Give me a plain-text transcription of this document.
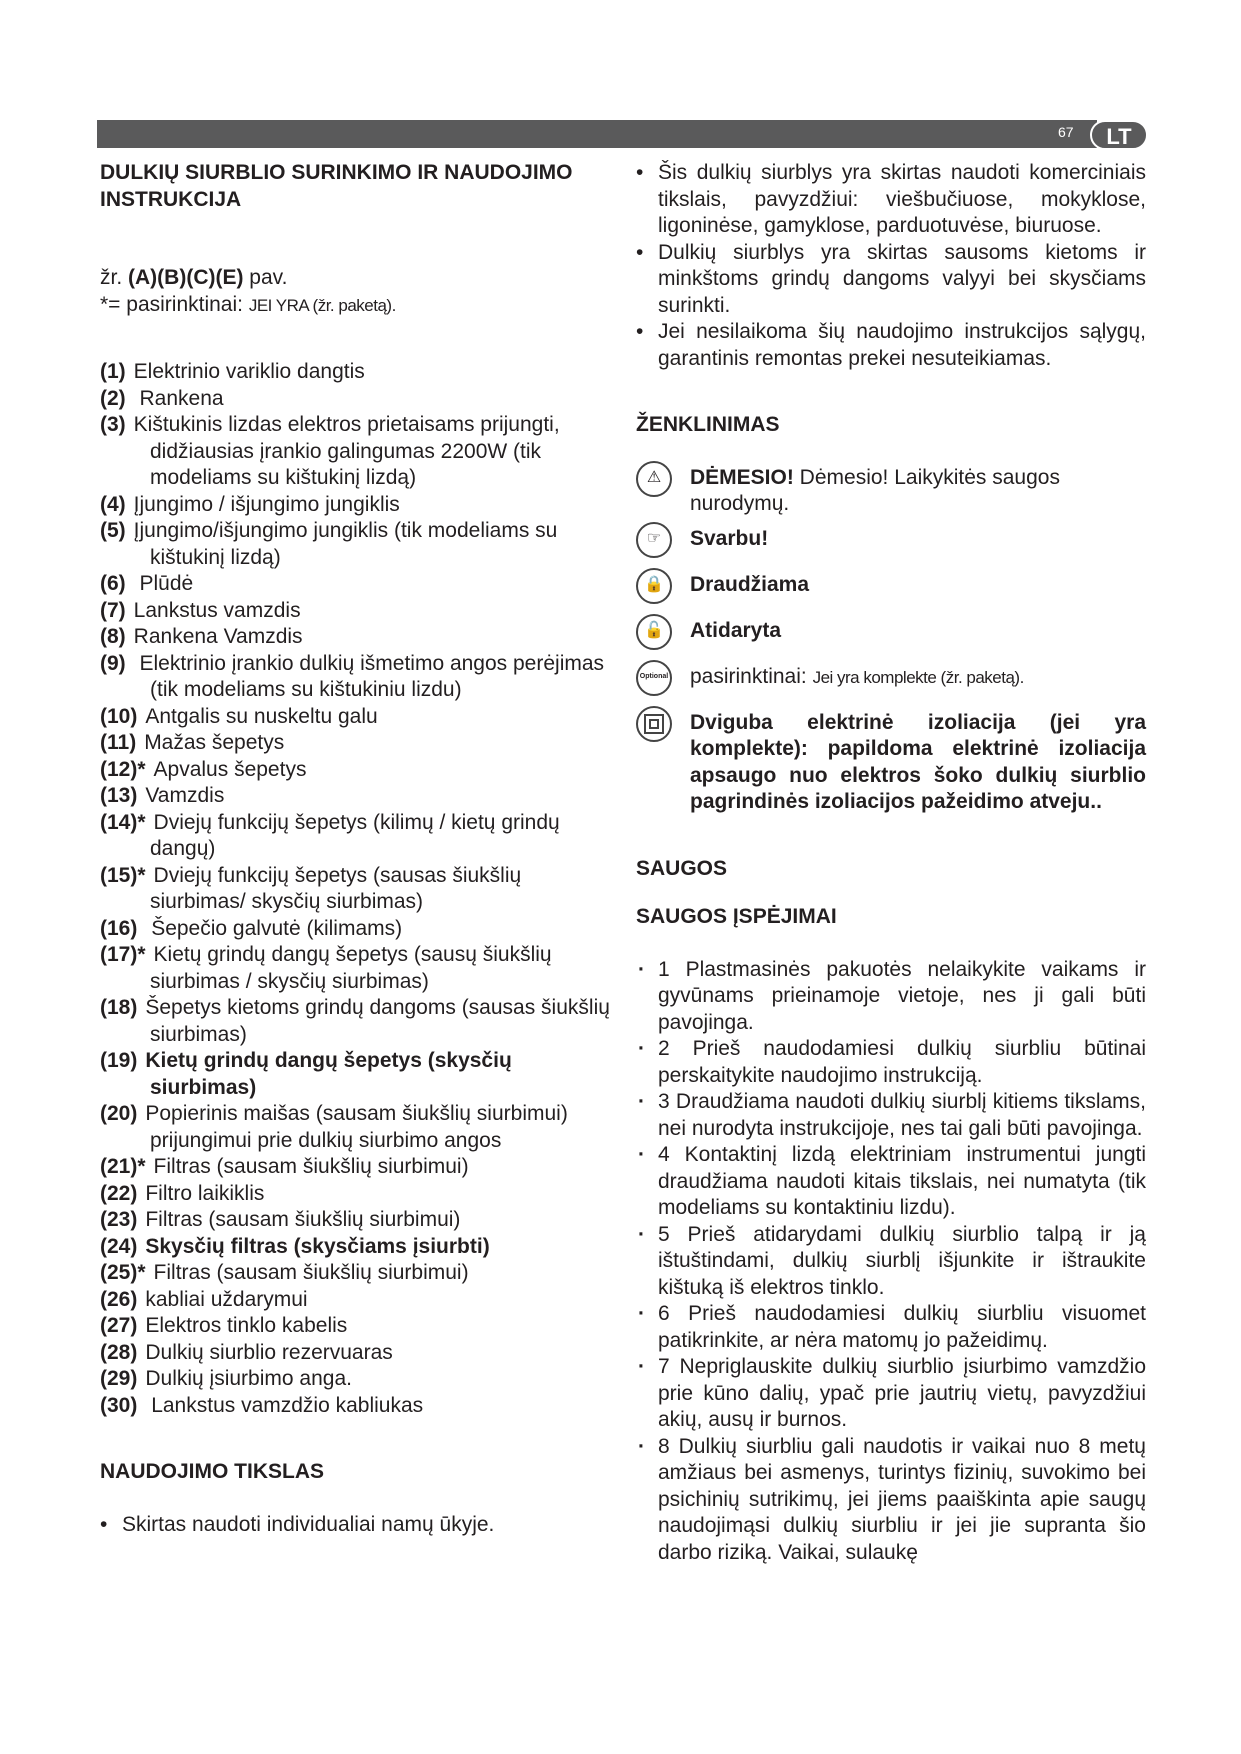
67	LT
DULKIŲ SIURBLIO SURINKIMO IR NAUDOJIMO INSTRUKCIJA

žr. (A)(B)(C)(E) pav.

*= pasirinktinai: JEI YRA (žr. paketą).

(1) Elektrinio variklio dangtis
(2) Rankena
(3) Kištukinis lizdas elektros prietaisams prijungti, didžiausias įrankio galingumas 2200W (tik modeliams su kištukinį lizdą)
(4) Įjungimo / išjungimo jungiklis
(5) Įjungimo/išjungimo jungiklis (tik modeliams su kištukinį lizdą)
(6) Plūdė
(7) Lankstus vamzdis
(8) Rankena Vamzdis
(9) Elektrinio įrankio dulkių išmetimo angos perėjimas (tik modeliams su kištukiniu lizdu)
(10) Antgalis su nuskeltu galu
(11) Mažas šepetys
(12)* Apvalus šepetys
(13) Vamzdis
(14)* Dviejų funkcijų šepetys (kilimų / kietų grindų dangų)
(15)* Dviejų funkcijų šepetys (sausas šiukšlių siurbimas/ skysčių siurbimas)
(16) Šepečio galvutė (kilimams)
(17)* Kietų grindų dangų šepetys (sausų šiukšlių siurbimas / skysčių siurbimas)
(18) Šepetys kietoms grindų dangoms (sausas šiukšlių siurbimas)
(19) Kietų grindų dangų šepetys (skysčių siurbimas)
(20) Popierinis maišas (sausam šiukšlių siurbimui) prijungimui prie dulkių siurbimo angos
(21)* Filtras (sausam šiukšlių siurbimui)
(22) Filtro laikiklis
(23) Filtras (sausam šiukšlių siurbimui)
(24) Skysčių filtras (skysčiams įsiurbti)
(25)* Filtras (sausam šiukšlių siurbimui)
(26) kabliai uždarymui
(27) Elektros tinklo kabelis
(28) Dulkių siurblio rezervuaras
(29) Dulkių įsiurbimo anga.
(30) Lankstus vamzdžio kabliukas
NAUDOJIMO TIKSLAS
• Skirtas naudoti individualiai namų ūkyje.
• Šis dulkių siurblys yra skirtas naudoti komerciniais tikslais, pavyzdžiui: viešbučiuose, mokyklose, ligoninėse, gamyklose, parduotuvėse, biuruose.
• Dulkių siurblys yra skirtas sausoms kietoms ir minkštoms grindų dangoms valyyi bei skysčiams surinkti.
• Jei nesilaikoma šių naudojimo instrukcijos sąlygų, garantinis remontas prekei nesuteikiamas.
ŽENKLINIMAS
⚠	DĖMESIO! Dėmesio! Laikykitės saugos nurodymų.
☞	Svarbu!
🔒	Draudžiama
🔓	Atidaryta
Optional pasirinktinai: Jei yra komplekte (žr. paketą).
Dviguba elektrinė izoliacija (jei yra komplekte): papildoma elektrinė izoliacija apsaugo nuo elektros šoko dulkių siurblio pagrindinės izoliacijos pažeidimo atveju..
SAUGOS
SAUGOS ĮSPĖJIMAI
· 1 Plastmasinės pakuotės nelaikykite vaikams ir gyvūnams prieinamoje vietoje, nes ji gali būti pavojinga.
· 2 Prieš naudodamiesi dulkių siurbliu būtinai perskaitykite naudojimo instrukciją.
· 3 Draudžiama naudoti dulkių siurblį kitiems tikslams, nei nurodyta instrukcijoje, nes tai gali būti pavojinga.
· 4 Kontaktinį lizdą elektriniam instrumentui jungti draudžiama naudoti kitais tikslais, nei numatyta (tik modeliams su kontaktiniu lizdu).
· 5 Prieš atidarydami dulkių siurblio talpą ir ją ištuštindami, dulkių siurblį išjunkite ir ištraukite kištuką iš elektros tinklo.
· 6 Prieš naudodamiesi dulkių siurbliu visuomet patikrinkite, ar nėra matomų jo pažeidimų.
· 7 Nepriglauskite dulkių siurblio įsiurbimo vamzdžio prie kūno dalių, ypač prie jautrių vietų, pavyzdžiui akių, ausų ir burnos.
· 8 Dulkių siurbliu gali naudotis ir vaikai nuo 8 metų amžiaus bei asmenys, turintys fizinių, suvokimo bei psichinių sutrikimų, jei jiems paaiškinta apie saugų naudojimąsi dulkių siurbliu ir jei jie supranta šio darbo riziką. Vaikai, sulaukę
